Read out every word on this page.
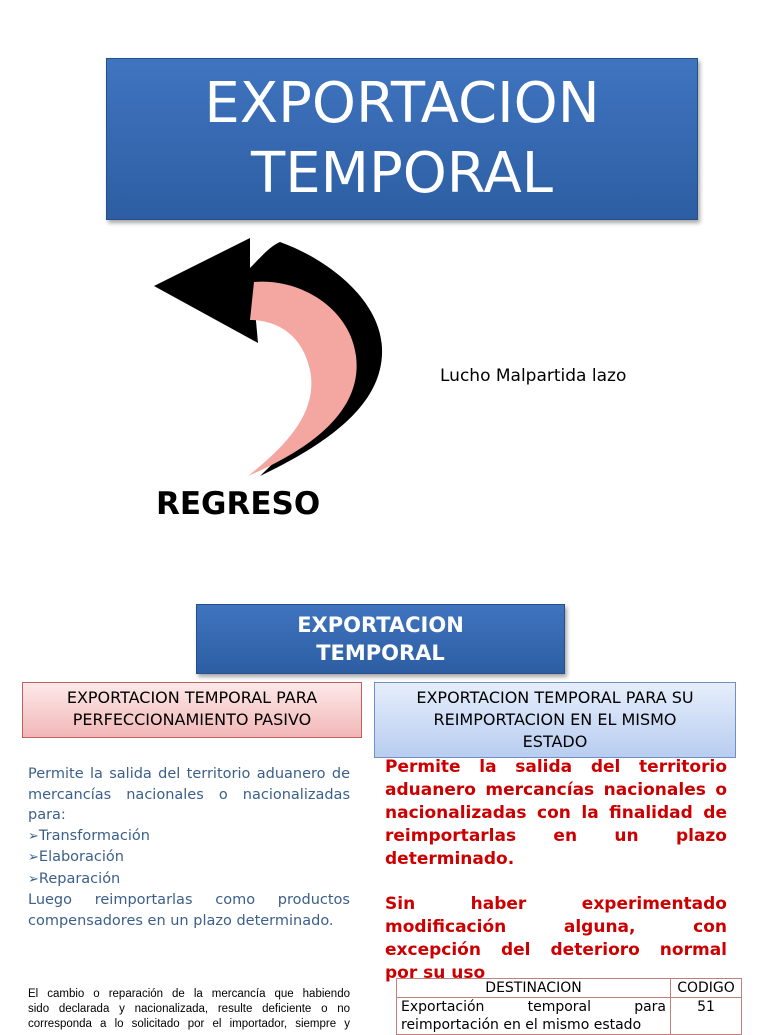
EXPORTACION
TEMPORAL
REGRESO
Lucho Malpartida lazo
EXPORTACION
TEMPORAL
EXPORTACION TEMPORAL PARA
PERFECCIONAMIENTO PASIVO
EXPORTACION TEMPORAL PARA SU
REIMPORTACION EN EL MISMO
ESTADO
Permite la salida del territorio aduanero de
mercancías nacionales o nacionalizadas
para:
➢Transformación
➢Elaboración
➢Reparación
Luego reimportarlas como productos
compensadores en un plazo determinado.
El cambio o reparación de la mercancía que habiendo
sido declarada y nacionalizada, resulte deficiente o no
corresponda a lo solicitado por el importador, siempre y
Permite la salida del territorio
aduanero mercancías nacionales o
nacionalizadas con la finalidad de
reimportarlas en un plazo
determinado.
Sin haber experimentado
modificación alguna, con
excepción del deterioro normal
por su uso
DESTINACION	CODIGO

Exportación temporal para
reimportación en el mismo estado	51
